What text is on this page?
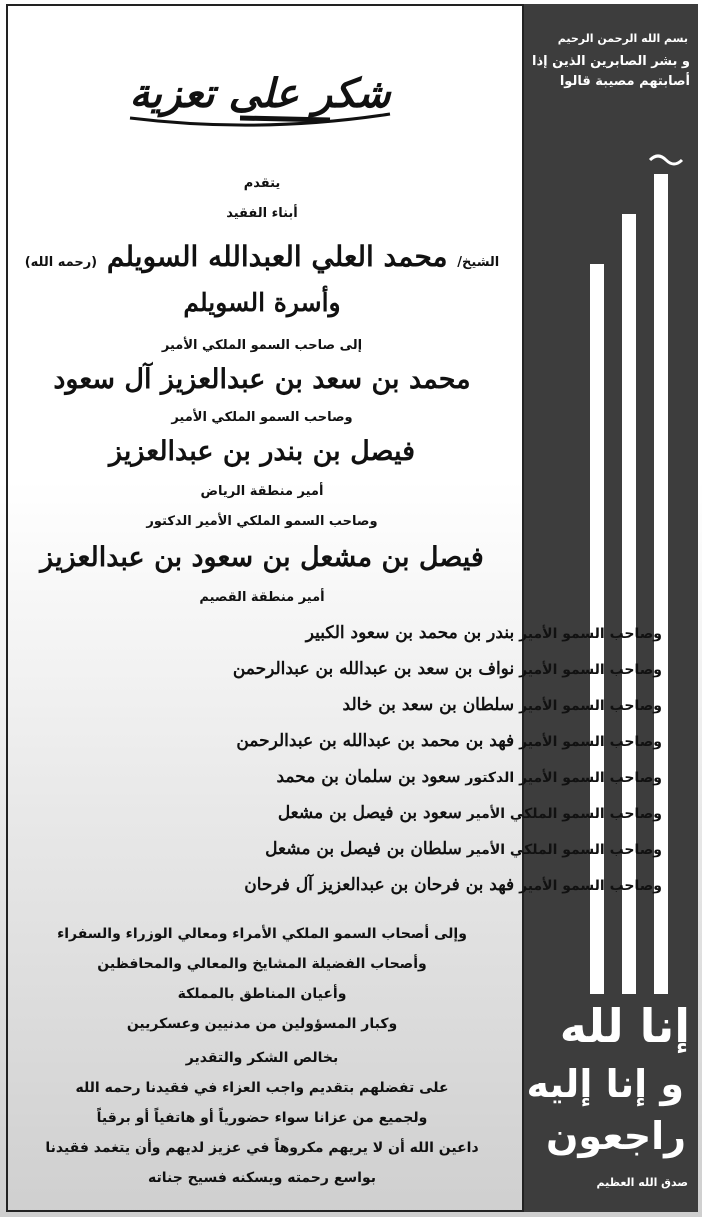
بسم الله الرحمن الرحيم
و بشر الصابرين الذين إذا أصابتهم مصيبة قالوا
إنا لله
و إنا إليه
راجعون
صدق الله العظيم
شكر على تعزية
يتقدم
أبناء الفقيد
الشيخ/ محمد العلي العبدالله السويلم (رحمه الله)
وأسرة السويلم
إلى صاحب السمو الملكي الأمير
محمد بن سعد بن عبدالعزيز آل سعود
وصاحب السمو الملكي الأمير
فيصل بن بندر بن عبدالعزيز
أمير منطقة الرياض
وصاحب السمو الملكي الأمير الدكتور
فيصل بن مشعل بن سعود بن عبدالعزيز
أمير منطقة القصيم
وصاحب السمو الأمير بندر بن محمد بن سعود الكبير
وصاحب السمو الأمير نواف بن سعد بن عبدالله بن عبدالرحمن
وصاحب السمو الأمير سلطان بن سعد بن خالد
وصاحب السمو الأمير فهد بن محمد بن عبدالله بن عبدالرحمن
وصاحب السمو الأمير الدكتور سعود بن سلمان بن محمد
وصاحب السمو الملكي الأمير سعود بن فيصل بن مشعل
وصاحب السمو الملكي الأمير سلطان بن فيصل بن مشعل
وصاحب السمو الأمير فهد بن فرحان بن عبدالعزيز آل فرحان
وإلى أصحاب السمو الملكي الأمراء ومعالي الوزراء والسفراء
وأصحاب الفضيلة المشايخ والمعالي والمحافظين
وأعيان المناطق بالمملكة
وكبار المسؤولين من مدنيين وعسكريين
بخالص الشكر والتقدير
على تفضلهم بتقديم واجب العزاء في فقيدنا رحمه الله
ولجميع من عزانا سواء حضورياً أو هاتفياً أو برقياً
داعين الله أن لا يريهم مكروهاً في عزيز لديهم وأن يتغمد فقيدنا
بواسع رحمته ويسكنه فسيح جناته
